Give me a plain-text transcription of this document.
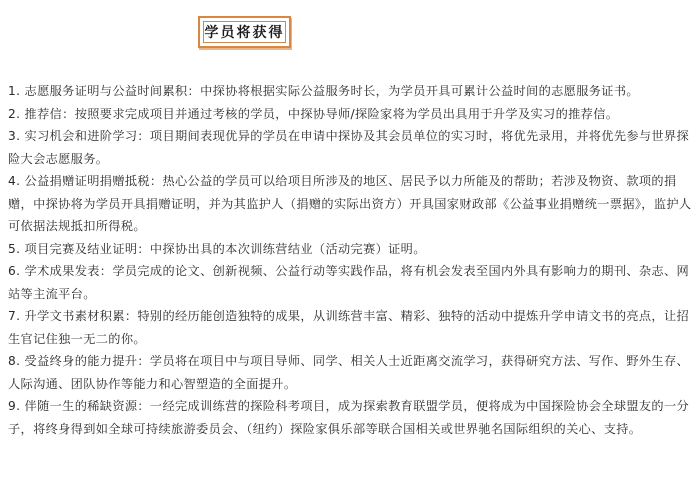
学员将获得

1. 志愿服务证明与公益时间累积：中探协将根据实际公益服务时长，为学员开具可累计公益时间的志愿服务证书。

2. 推荐信：按照要求完成项目并通过考核的学员，中探协导师/探险家将为学员出具用于升学及实习的推荐信。

3. 实习机会和进阶学习：项目期间表现优异的学员在申请中探协及其会员单位的实习时，将优先录用，并将优先参与世界探险大会志愿服务。

4. 公益捐赠证明捐赠抵税：热心公益的学员可以给项目所涉及的地区、居民予以力所能及的帮助；若涉及物资、款项的捐赠，中探协将为学员开具捐赠证明，并为其监护人（捐赠的实际出资方）开具国家财政部《公益事业捐赠统一票据》，监护人可依据法规抵扣所得税。

5. 项目完赛及结业证明：中探协出具的本次训练营结业（活动完赛）证明。

6. 学术成果发表：学员完成的论文、创新视频、公益行动等实践作品，将有机会发表至国内外具有影响力的期刊、杂志、网站等主流平台。

7. 升学文书素材积累：特别的经历能创造独特的成果，从训练营丰富、精彩、独特的活动中提炼升学申请文书的亮点，让招生官记住独一无二的你。

8. 受益终身的能力提升：学员将在项目中与项目导师、同学、相关人士近距离交流学习，获得研究方法、写作、野外生存、人际沟通、团队协作等能力和心智塑造的全面提升。

9. 伴随一生的稀缺资源：一经完成训练营的探险科考项目，成为探索教育联盟学员，便将成为中国探险协会全球盟友的一分子，将终身得到如全球可持续旅游委员会、（纽约）探险家俱乐部等联合国相关或世界驰名国际组织的关心、支持。
